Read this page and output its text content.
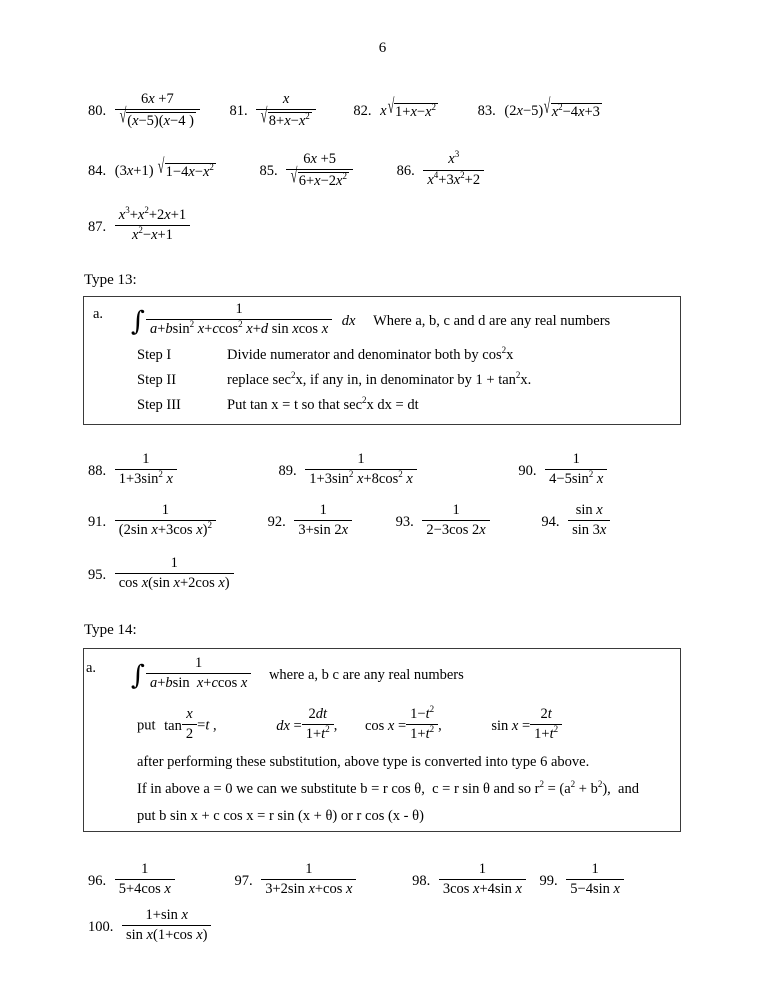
6
80. $\frac{6x +7}{√(x-5)(x-4 )} 81$. $\frac{x}{√8+x-x^2}$	82. $x√1+x-x^2$	83. $(2x-5)√x^2-4x+3$
84. (3x+1) $√1-4x-x^2$	85. $\frac{6x +5}{√6+x-2x^2}$	86. $\frac{x^3}{x^4+3x^2+2}$
87. $\frac{x^3+x^2+2x+1}{x^2-x+1}$
Type 13:
a. ∫ $\frac{1}{a+bsin^2 x+ccos^2 x+d \sin xcos x}$ dx Where a, b, c and d are any real numbers
Step I	Divide numerator and denominator both by $\cos^2x$
Step II	replace $\sec^2x$, if any in, in denominator by $1 + \tan^2x$.
Step III	Put tan x = t so that $\sec^2x$ dx = dt
88. $\frac{1}{1+3\sin^2 x}$	89. $\frac{1}{1+3\sin^2 x+8\cos^2 x}$	90. $\frac{1}{4-5\sin^2 x}$
91. $\frac{1}{(2\sin x+3\cos x)^2}$	92. $\frac{1}{3+\sin 2x}$	93. $\frac{1}{2-3\cos 2x}$	94. $\frac{\text{sin x}}{\sin 3x}$
95. $\frac{1}{\text{cos x(sin x+2cos x)}}$
Type 14:
a. ∫ $\frac{1}{\text{a+bsin  x+ccos x}}$ where a, b c are any real numbers
put $\tan \frac{x}{2} =t$ ,	dx = $\frac{2dt}{1+t^2}$ , $\cos x = \frac{1-t^2}{1+t^2}$ ,	$\sin x = \frac{2t}{1+t^2}$
after performing these substitution, above type is converted into type 6 above.
If in above a = 0 we can we substitute b = r cos θ,  c = r sin θ and so $r^2 = (a^2 + b^2)$,  and
put b sin x + c cos x = r sin (x + θ) or r cos (x - θ)
96. $\frac{1}{\text{5+4cos x}}$	97. $\frac{1}{\text{3+2sin x+cos x}}$	98. $\frac{1}{\text{3cos x+4sin x}} 99$. $\frac{1}{\text{5−4sin x}}$
100. $\frac{\text{1+sin x}}{\text{sin x(1+cos x)}}$
